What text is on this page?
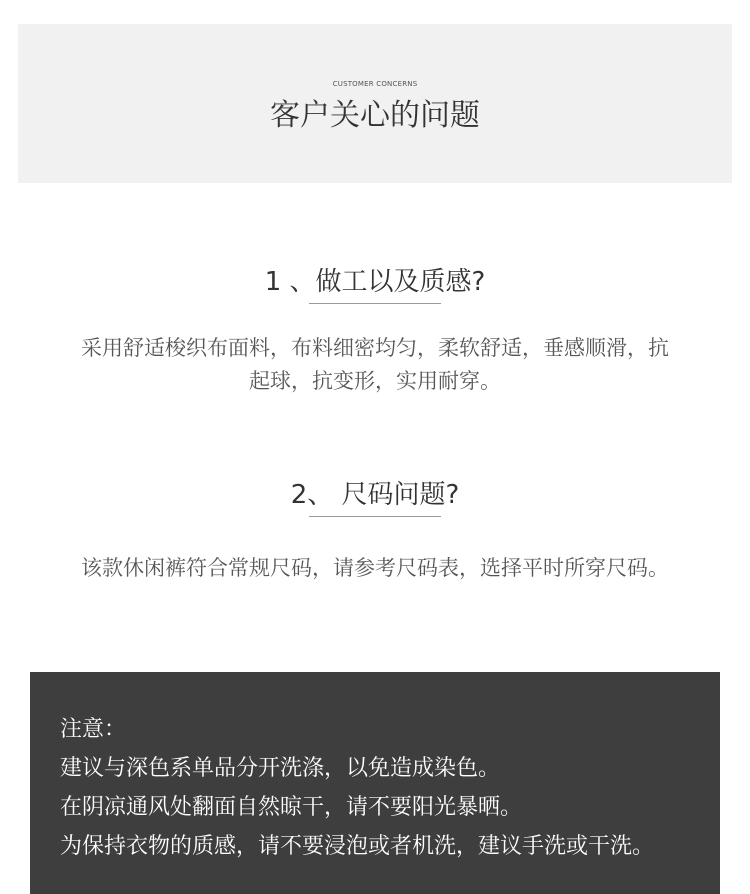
CUSTOMER CONCERNS
客户关心的问题
1 、做工以及质感?
采用舒适梭织布面料，布料细密均匀，柔软舒适，垂感顺滑，抗
起球，抗变形，实用耐穿。
2、 尺码问题?
该款休闲裤符合常规尺码，请参考尺码表，选择平时所穿尺码。
注意：
建议与深色系单品分开洗涤，以免造成染色。
在阴凉通风处翻面自然晾干，请不要阳光暴晒。
为保持衣物的质感，请不要浸泡或者机洗，建议手洗或干洗。
